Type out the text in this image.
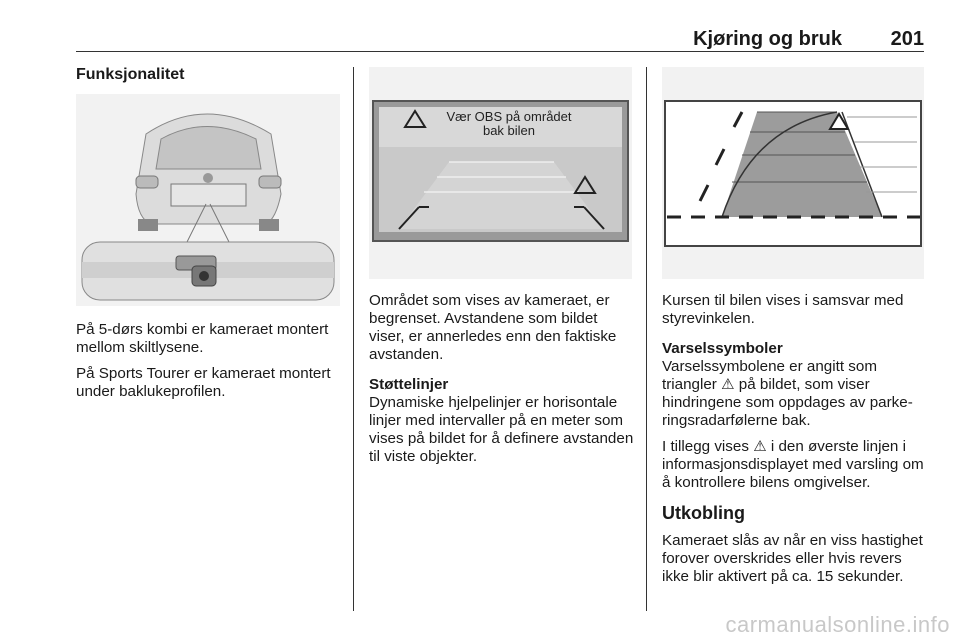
Kjøring og bruk 201
Funksjonalitet

På 5-dørs kombi er kameraet montert mellom skiltlysene.

På Sports Tourer er kameraet montert under baklukeprofilen.

Vær OBS på området
bak bilen

Området som vises av kameraet, er begrenset. Avstandene som bildet viser, er annerledes enn den faktiske avstanden.

Støttelinjer

Dynamiske hjelpelinjer er horisontale linjer med intervaller på en meter som vises på bildet for å definere avstanden til viste objekter.

Kursen til bilen vises i samsvar med styrevinkelen.

Varselssymboler

Varselssymbolene er angitt som triangler ⚠ på bildet, som viser hindringene som oppdages av parkeringsradarfølerne bak.

I tillegg vises ⚠ i den øverste linjen i informasjonsdisplayet med varsling om å kontrollere bilens omgivelser.

Utkobling

Kameraet slås av når en viss hastighet forover overskrides eller hvis revers ikke blir aktivert på ca. 15 sekunder.

carmanualsonline.info
